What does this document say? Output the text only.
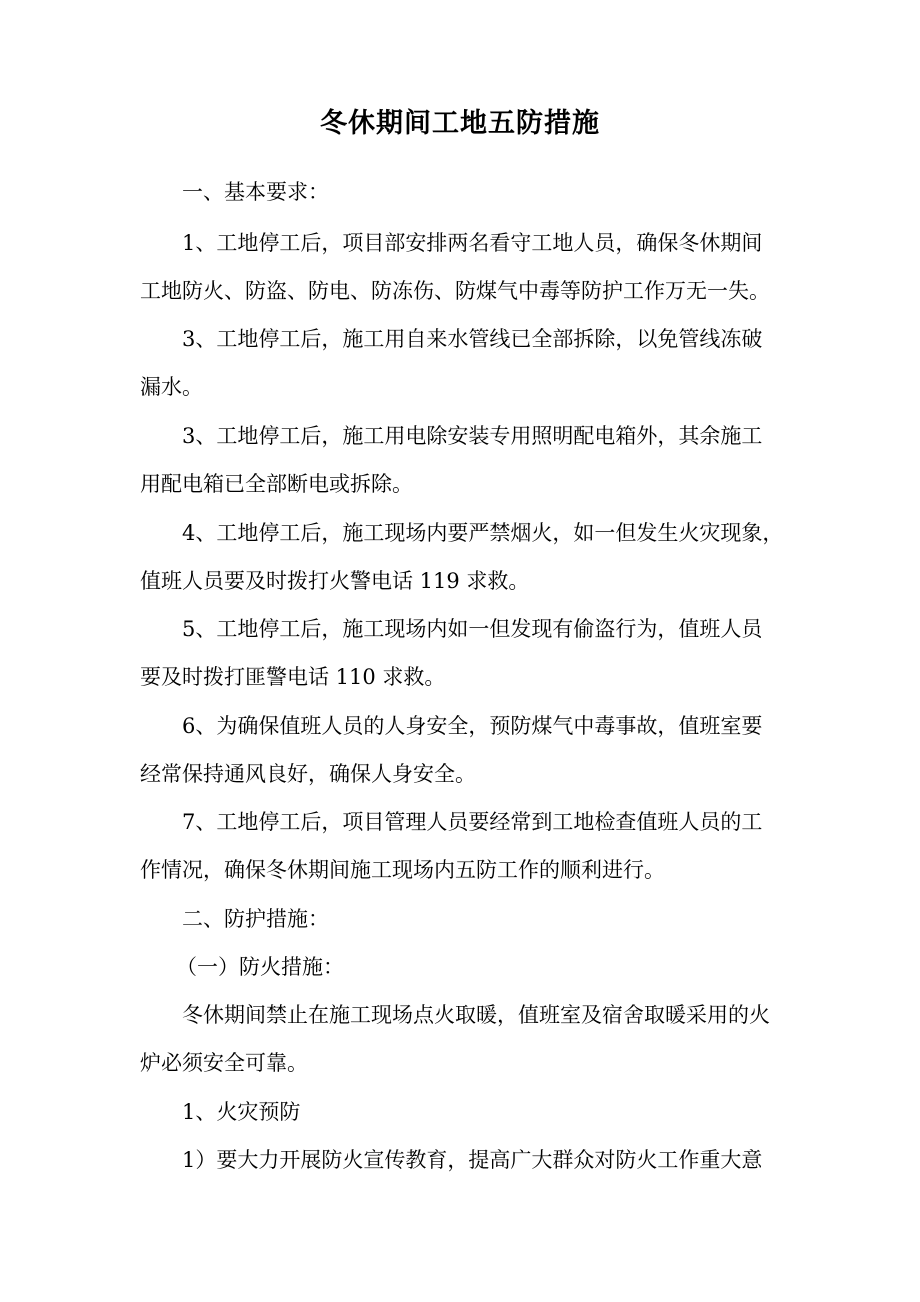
冬休期间工地五防措施
一、基本要求：
1、工地停工后，项目部安排两名看守工地人员，确保冬休期间
工地防火、防盗、防电、防冻伤、防煤气中毒等防护工作万无一失。
3、工地停工后，施工用自来水管线已全部拆除，以免管线冻破
漏水。
3、工地停工后，施工用电除安装专用照明配电箱外，其余施工
用配电箱已全部断电或拆除。
4、工地停工后，施工现场内要严禁烟火，如一但发生火灾现象，
值班人员要及时拨打火警电话 119 求救。
5、工地停工后，施工现场内如一但发现有偷盗行为，值班人员
要及时拨打匪警电话 110 求救。
6、为确保值班人员的人身安全，预防煤气中毒事故，值班室要
经常保持通风良好，确保人身安全。
7、工地停工后，项目管理人员要经常到工地检查值班人员的工
作情况，确保冬休期间施工现场内五防工作的顺利进行。
二、防护措施：
（一）防火措施：
冬休期间禁止在施工现场点火取暖，值班室及宿舍取暖采用的火
炉必须安全可靠。
1、火灾预防
1）要大力开展防火宣传教育，提高广大群众对防火工作重大意
